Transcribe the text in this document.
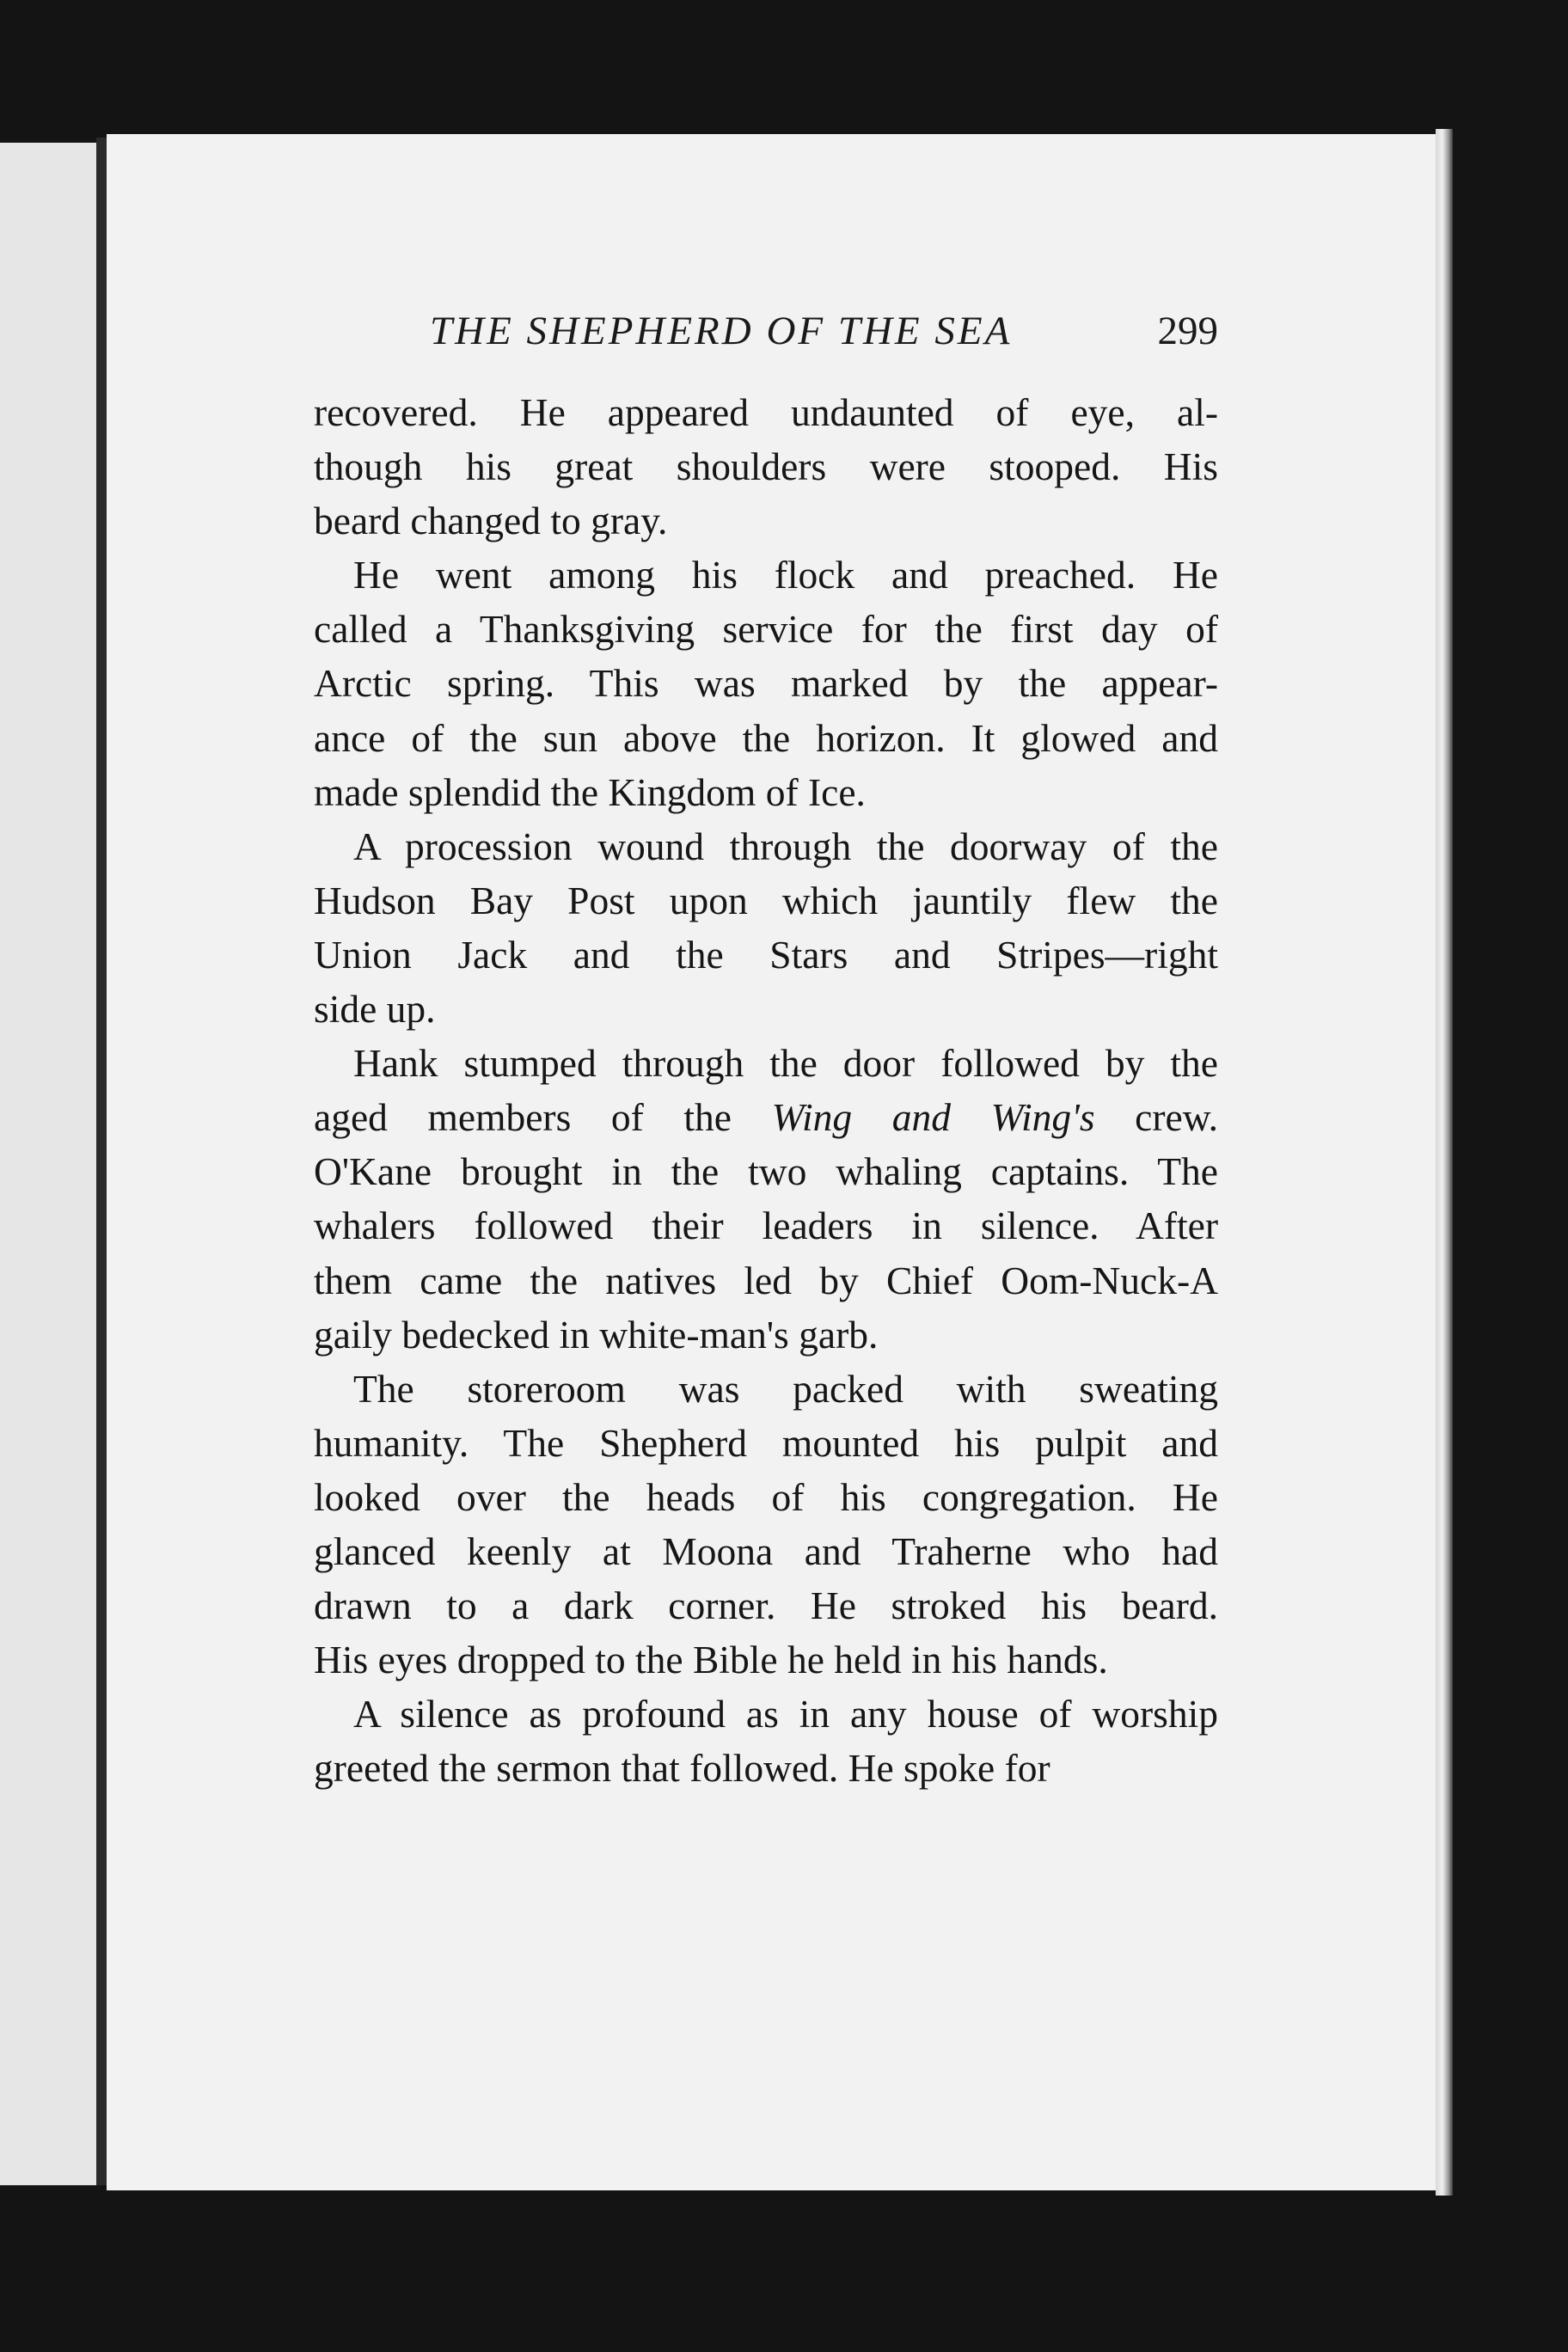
THE SHEPHERD OF THE SEA	299
recovered. He appeared undaunted of eye, al-
though his great shoulders were stooped. His
beard changed to gray.
He went among his flock and preached. He
called a Thanksgiving service for the first day of
Arctic spring. This was marked by the appear-
ance of the sun above the horizon. It glowed and
made splendid the Kingdom of Ice.
A procession wound through the doorway of the
Hudson Bay Post upon which jauntily flew the
Union Jack and the Stars and Stripes—right
side up.
Hank stumped through the door followed by the
aged members of the Wing and Wing's crew.
O'Kane brought in the two whaling captains. The
whalers followed their leaders in silence. After
them came the natives led by Chief Oom-Nuck-A
gaily bedecked in white-man's garb.
The storeroom was packed with sweating
humanity. The Shepherd mounted his pulpit and
looked over the heads of his congregation. He
glanced keenly at Moona and Traherne who had
drawn to a dark corner. He stroked his beard.
His eyes dropped to the Bible he held in his hands.
A silence as profound as in any house of worship
greeted the sermon that followed. He spoke for
